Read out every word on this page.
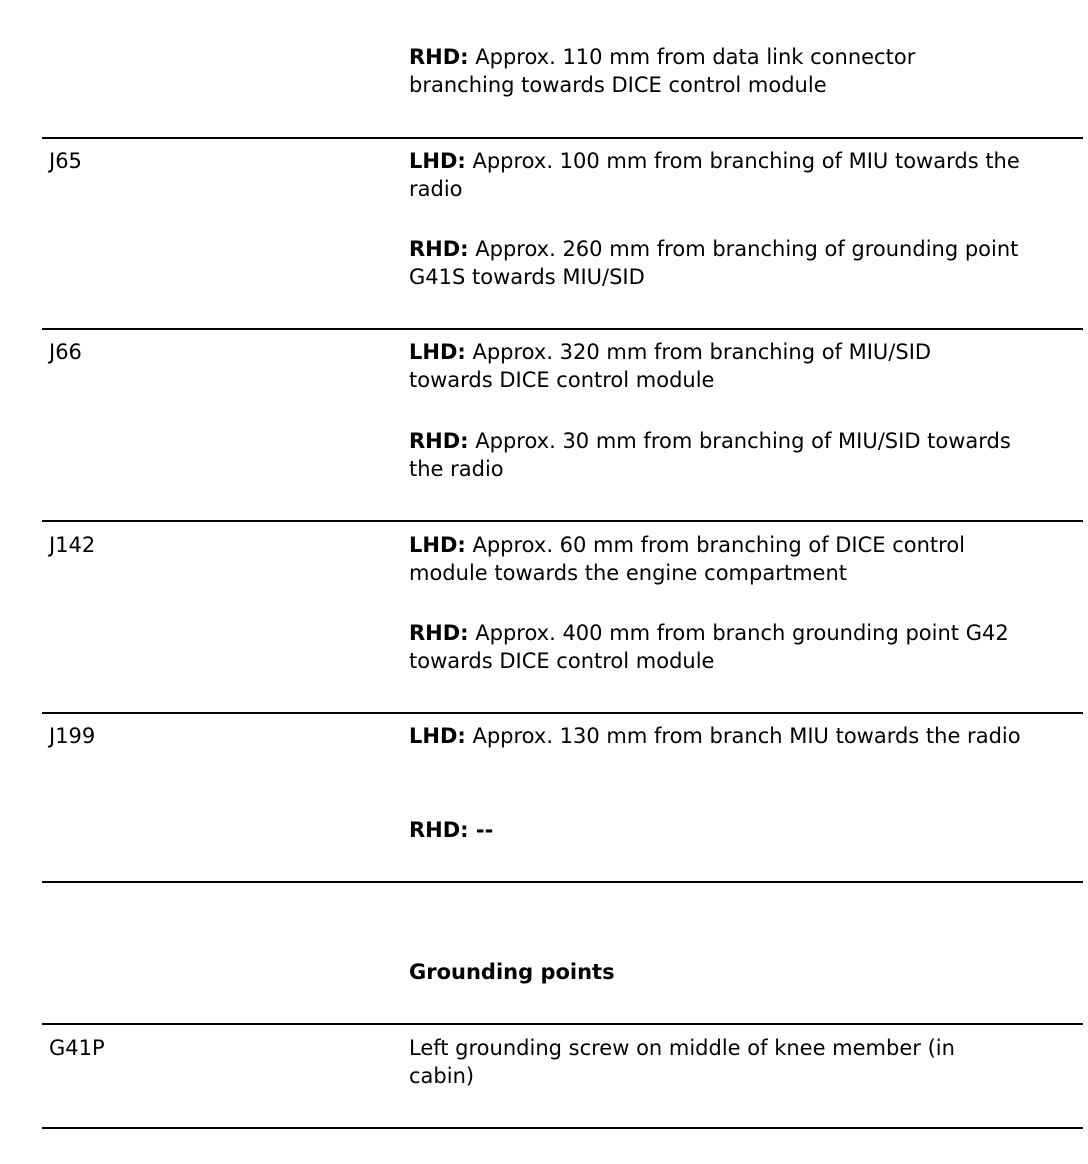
RHD: Approx. 110 mm from data link connector
branching towards DICE control module
J65	LHD: Approx. 100 mm from branching of MIU towards the
radio
RHD: Approx. 260 mm from branching of grounding point
G41S towards MIU/SID
J66	LHD: Approx. 320 mm from branching of MIU/SID
towards DICE control module
RHD: Approx. 30 mm from branching of MIU/SID towards
the radio
J142	LHD: Approx. 60 mm from branching of DICE control
module towards the engine compartment
RHD: Approx. 400 mm from branch grounding point G42
towards DICE control module
J199	LHD: Approx. 130 mm from branch MIU towards the radio
RHD: --
Grounding points
G41P	Left grounding screw on middle of knee member (in
cabin)
